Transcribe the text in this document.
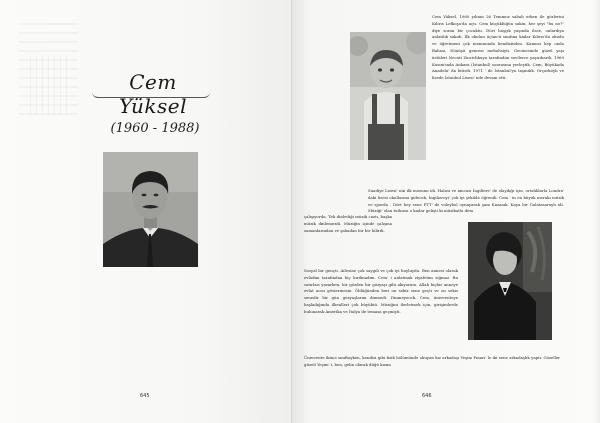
Cem Yüksel
(1960 - 1988)
645

Cem Yüksel, 1960 yılının 26 Temmuz sabah erken ile gözlerini Kıbrıs Lefkoşa'da açtı. Cem küçüklüğün sakin, her şeyi "bu ne?" diye soran bir çocuktu. Dört başçık yaşında ilsee, onlardıya anlatılık sakıdı. İlk okulun üçüncü sınıfına kadar Kıbrıs'da okudu ve öğretmeni çok memnunda kendisinden. Kamusi hep onda Babası, Dönüşü genresi mebahsiyti. Gecinesinde güzel yaşı üstüleri Necati Zincirlikuyu tarafından sevilerce yaşırıbardı. 1969 Kasım'ında Ankara (İstanbul) sonrasına yerleştik. Cem, Büyükada Anadolu' da bitirdi. 1971 ' de İstanbul'ya taşındık. Orçarköyli ve lisede İstanbul Lisesi' nde devam etti.

Suadiye Lisesi' nin ilk mezunu idi. Halası ve amcası İngiltere' de olaydığı için, ortalıklarla Londra' daki lisesi okullarına gidecek, İngilizceyi' çok iyi şekilde öğrendi. Cem ' in en büyük merakı müzik ve sporda . Dört hey sene PTT' de voleybol oynayarak şam Kazanık. Kaya bir Galatasaraylı idi. Müziği' olan tutkusu o kadar gelişti ki müzikatla dem

çalışıyordu. Tek dinlediği müzik caztı, başka müzik dinlemezdi. Müziğin içinde çalışma zamanlarından ve şahadan bir bir bilirdi.

Sosyal bir gençti. Ailesine çok saygılı ve çok iyi huyluydu. Ben annesi olarak evladım tarafından hiç kırılmadım. Cem' i anlatmak ziyafetim sığmaz. Bu satırları yazarken, bir gözden bir gözyaşı gibi akıyorum. Allah hiçbir anneye evlat acısı göstermesin. Öldüğünden beri on sekiz sene geçti ve on sekiz senedir bir gün gözyaşlarım dinmedi. Dinmeyecek. Cem, üniversiteye başladığında ilkealleri çok büyüktü. Müziğini ilerletmek için, girişimlerde bulunarak Amerika ve İtalya ile temasa geçmişti.

Üniversite ikinci sınıftayken, kendisi gibi fizik bölümünde okuyan kız arkadaşı Yeşim Pınarı' le iki sene arkadaşlık yaptı. Gözeller güzeli Yeşim' i, ben, gelin olarak düğü kızım

646
